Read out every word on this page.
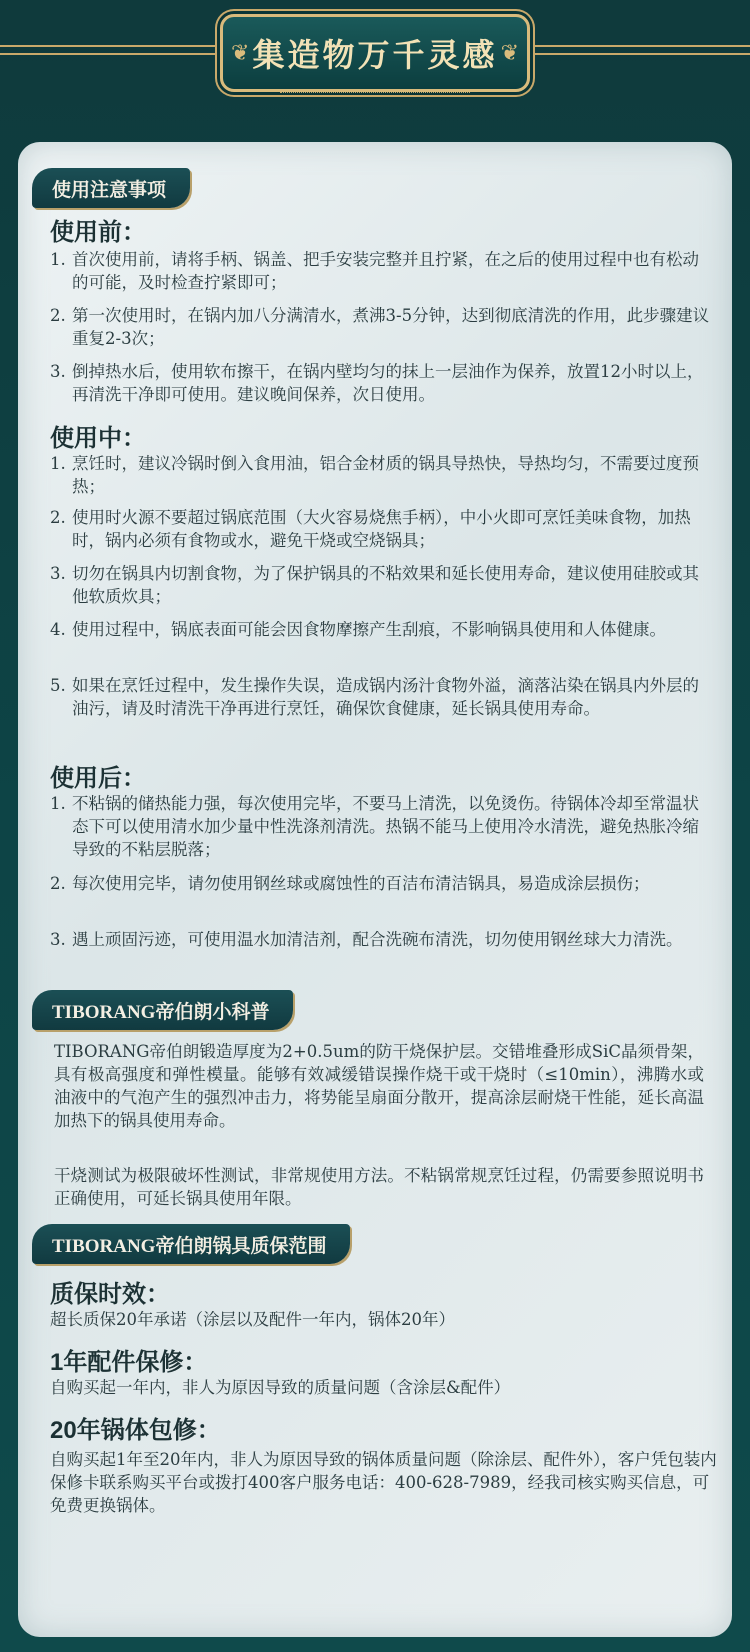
❦ 集造物万千灵感 ❦
使用注意事项
使用前：
1. 首次使用前，请将手柄、锅盖、把手安装完整并且拧紧，在之后的使用过程中也有松动的可能，及时检查拧紧即可；
2. 第一次使用时，在锅内加八分满清水，煮沸3-5分钟，达到彻底清洗的作用，此步骤建议重复2-3次；
3. 倒掉热水后，使用软布擦干，在锅内壁均匀的抹上一层油作为保养，放置12小时以上，再清洗干净即可使用。建议晚间保养，次日使用。
使用中：
1. 烹饪时，建议冷锅时倒入食用油，铝合金材质的锅具导热快，导热均匀，不需要过度预热；
2. 使用时火源不要超过锅底范围（大火容易烧焦手柄），中小火即可烹饪美味食物，加热时，锅内必须有食物或水，避免干烧或空烧锅具；
3. 切勿在锅具内切割食物，为了保护锅具的不粘效果和延长使用寿命，建议使用硅胶或其他软质炊具；
4. 使用过程中，锅底表面可能会因食物摩擦产生刮痕，不影响锅具使用和人体健康。
5. 如果在烹饪过程中，发生操作失误，造成锅内汤汁食物外溢，滴落沾染在锅具内外层的油污，请及时清洗干净再进行烹饪，确保饮食健康，延长锅具使用寿命。
使用后：
1. 不粘锅的储热能力强，每次使用完毕，不要马上清洗，以免烫伤。待锅体冷却至常温状态下可以使用清水加少量中性洗涤剂清洗。热锅不能马上使用冷水清洗，避免热胀冷缩导致的不粘层脱落；
2. 每次使用完毕，请勿使用钢丝球或腐蚀性的百洁布清洁锅具，易造成涂层损伤；
3. 遇上顽固污迹，可使用温水加清洁剂，配合洗碗布清洗，切勿使用钢丝球大力清洗。
TIBORANG帝伯朗小科普
TIBORANG帝伯朗锻造厚度为2+0.5um的防干烧保护层。交错堆叠形成SiC晶须骨架，具有极高强度和弹性模量。能够有效减缓错误操作烧干或干烧时（≤10min），沸腾水或油液中的气泡产生的强烈冲击力，将势能呈扇面分散开，提高涂层耐烧干性能，延长高温加热下的锅具使用寿命。
干烧测试为极限破坏性测试，非常规使用方法。不粘锅常规烹饪过程，仍需要参照说明书正确使用，可延长锅具使用年限。
TIBORANG帝伯朗锅具质保范围
质保时效：
超长质保20年承诺（涂层以及配件一年内，锅体20年）
1年配件保修：
自购买起一年内，非人为原因导致的质量问题（含涂层&配件）
20年锅体包修：
自购买起1年至20年内，非人为原因导致的锅体质量问题（除涂层、配件外），客户凭包装内保修卡联系购买平台或拨打400客户服务电话：400-628-7989，经我司核实购买信息，可免费更换锅体。
